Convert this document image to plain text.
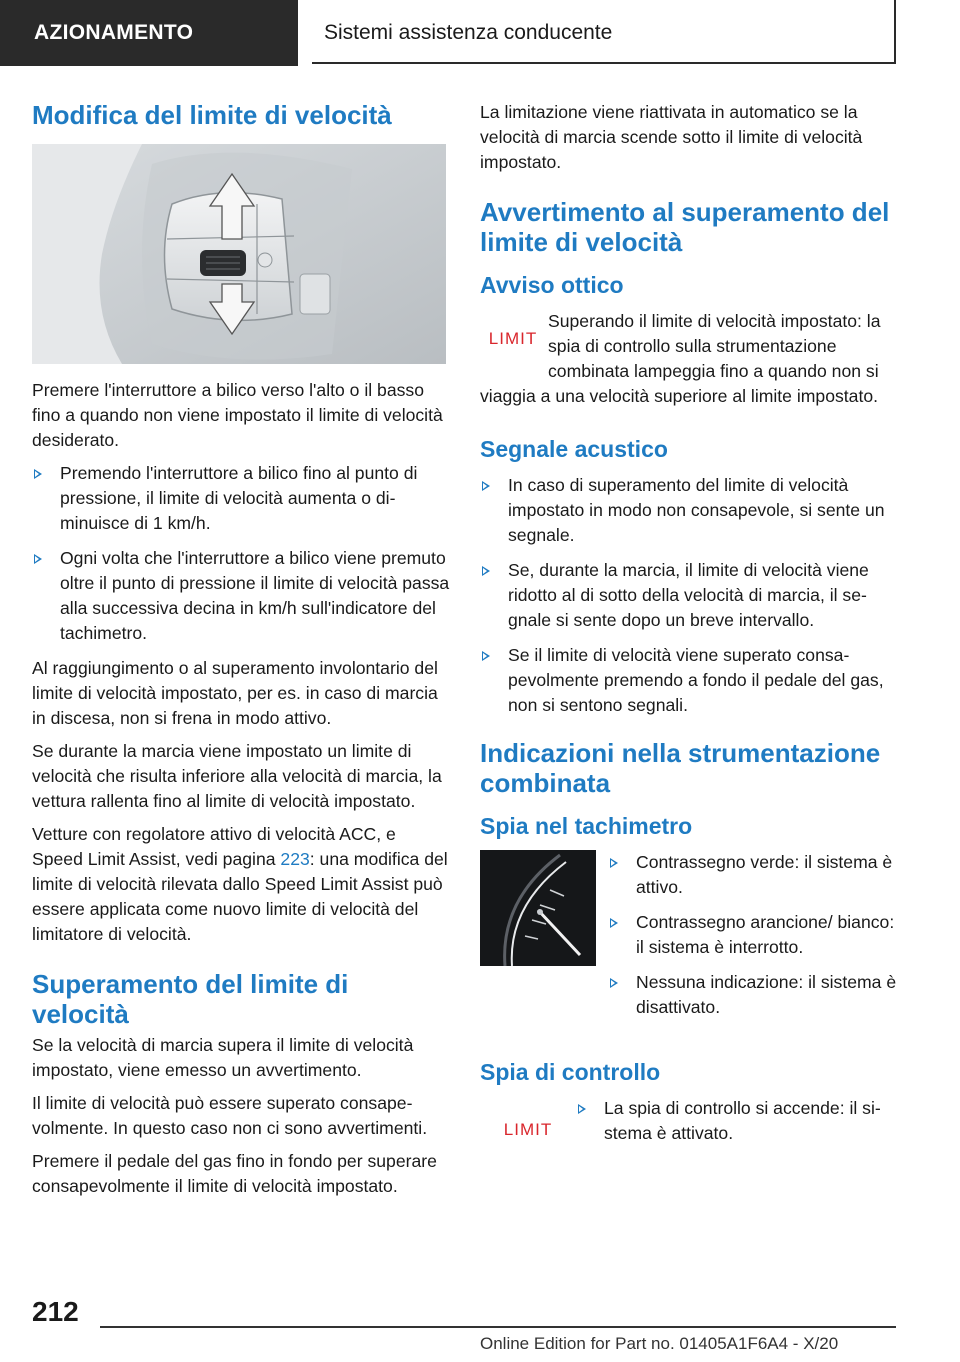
AZIONAMENTO	Sistemi assistenza conducente
Modifica del limite di velocità

Premere l'interruttore a bilico verso l'alto o il basso fino a quando non viene impostato il limite di velocità desiderato.

Premendo l'interruttore a bilico fino al punto di pressione, il limite di velocità aumenta o diminuisce di 1 km/h.
Ogni volta che l'interruttore a bilico viene premuto oltre il punto di pressione il limite di velocità passa alla successiva decina in km/h sull'indicatore del tachimetro.

Al raggiungimento o al superamento involontario del limite di velocità impostato, per es. in caso di marcia in discesa, non si frena in modo attivo.

Se durante la marcia viene impostato un limite di velocità che risulta inferiore alla velocità di marcia, la vettura rallenta fino al limite di velocità impostato.

Vetture con regolatore attivo di velocità ACC, e Speed Limit Assist, vedi pagina 223: una modifica del limite di velocità rilevata dallo Speed Limit Assist può essere applicata come nuovo limite di velocità del limitatore di velocità.

Superamento del limite di velocità

Se la velocità di marcia supera il limite di velocità impostato, viene emesso un avvertimento.

Il limite di velocità può essere superato consapevolmente. In questo caso non ci sono avvertimenti.

Premere il pedale del gas fino in fondo per superare consapevolmente il limite di velocità impostato.

La limitazione viene riattivata in automatico se la velocità di marcia scende sotto il limite di velocità impostato.

Avvertimento al superamento del limite di velocità
Avviso ottico
LIMIT

Superando il limite di velocità impostato: la spia di controllo sulla strumentazione combinata lampeggia fino a quando non si viaggia a una velocità superiore al limite impostato.

Segnale acustico
In caso di superamento del limite di velocità impostato in modo non consapevole, si sente un segnale.
Se, durante la marcia, il limite di velocità viene ridotto al di sotto della velocità di marcia, il segnale si sente dopo un breve intervallo.
Se il limite di velocità viene superato consapevolmente premendo a fondo il pedale del gas, non si sentono segnali.
Indicazioni nella strumentazione combinata
Spia nel tachimetro
Contrassegno verde: il sistema è attivo.
Contrassegno arancione/ bianco: il sistema è interrotto.
Nessuna indicazione: il sistema è disattivato.
Spia di controllo
LIMIT
La spia di controllo si accende: il sistema è attivato.
212
Online Edition for Part no. 01405A1F6A4 - X/20
